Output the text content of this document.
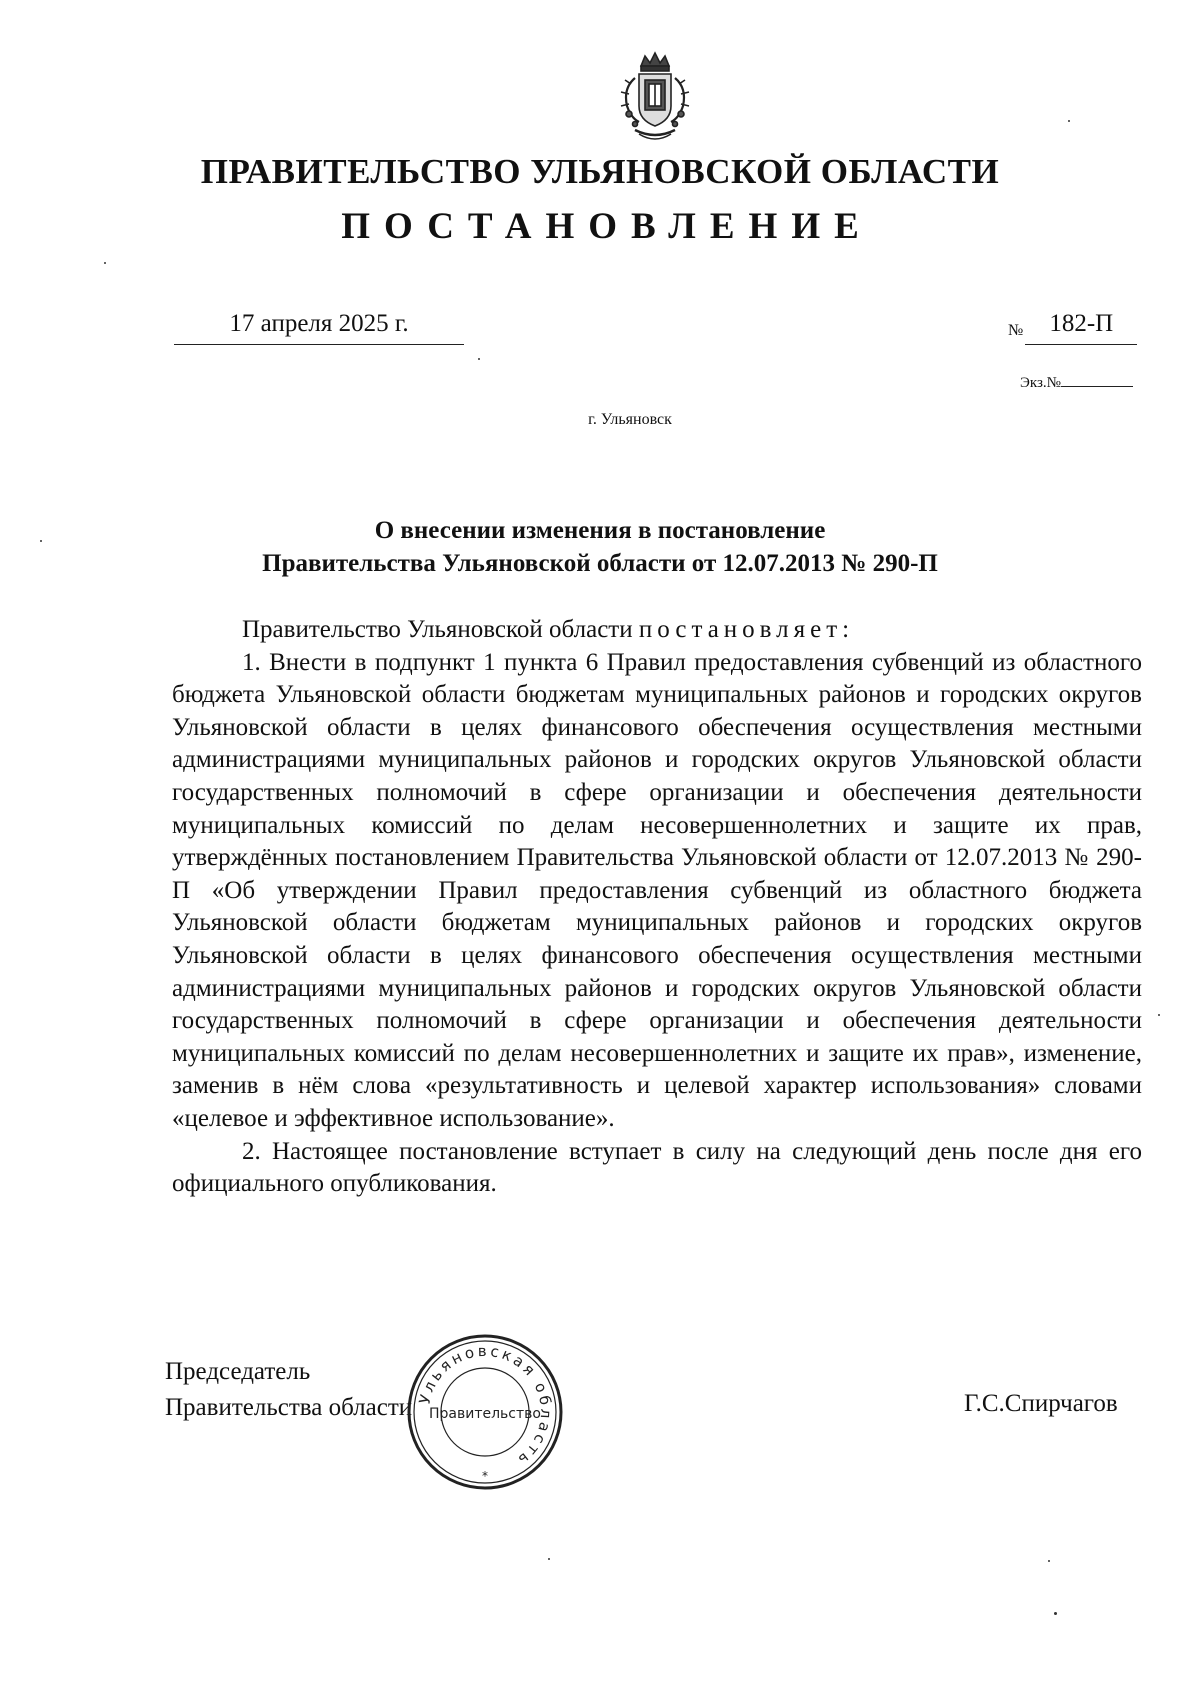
ПРАВИТЕЛЬСТВО УЛЬЯНОВСКОЙ ОБЛАСТИ
ПОСТАНОВЛЕНИЕ
17 апреля 2025 г.	№ 182-П
Экз.№
г. Ульяновск
О внесении изменения в постановление
Правительства Ульяновской области от 12.07.2013 № 290-П

Правительство Ульяновской области постановляет:

1. Внести в подпункт 1 пункта 6 Правил предоставления субвенций из областного бюджета Ульяновской области бюджетам муниципальных районов и городских округов Ульяновской области в целях финансового обеспечения осуществления местными администрациями муниципальных районов и городских округов Ульяновской области государственных полномочий в сфере организации и обеспечения деятельности муниципальных комиссий по делам несовершеннолетних и защите их прав, утверждённых постановлением Правительства Ульяновской области от 12.07.2013 № 290-П «Об утверждении Правил предоставления субвенций из областного бюджета Ульяновской области бюджетам муниципальных районов и городских округов Ульяновской области в целях финансового обеспечения осуществления местными администрациями муниципальных районов и городских округов Ульяновской области государственных полномочий в сфере организации и обеспечения деятельности муниципальных комиссий по делам несовершеннолетних и защите их прав», изменение, заменив в нём слова «результативность и целевой характер использования» словами «целевое и эффективное использование».

2. Настоящее постановление вступает в силу на следующий день после дня его официального опубликования.

Председатель
Правительства области	Г.С.Спирчагов
Ульяновская область
Правительство
*
